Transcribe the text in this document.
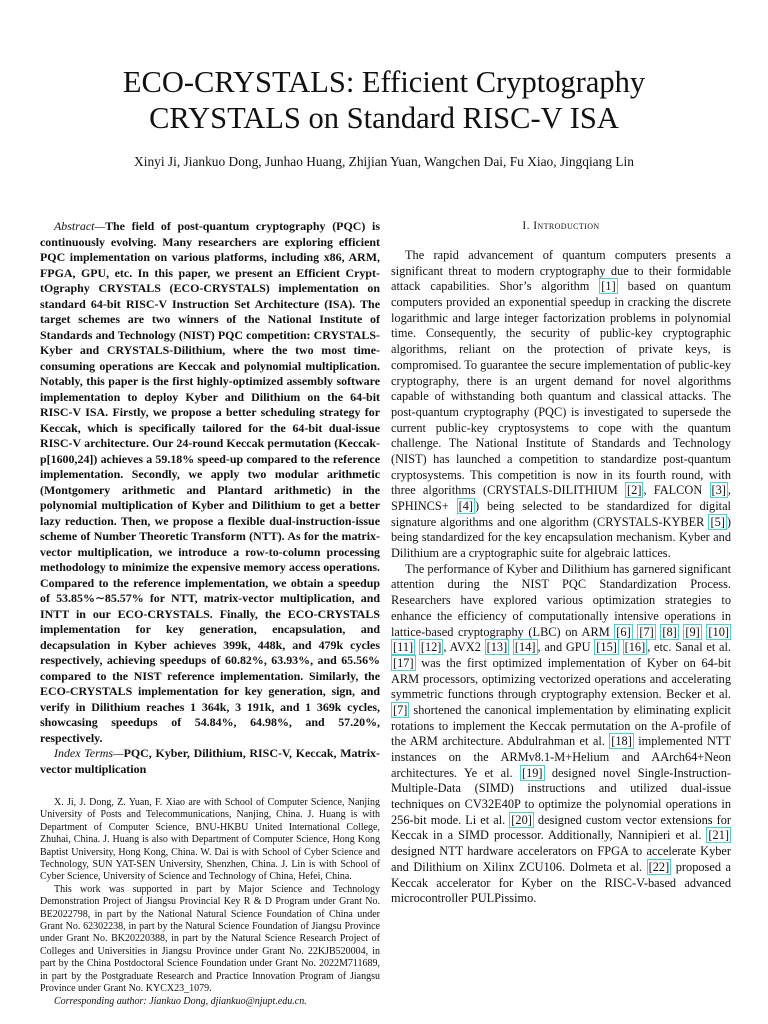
ECO-CRYSTALS: Efficient Cryptography
CRYSTALS on Standard RISC-V ISA
Xinyi Ji, Jiankuo Dong, Junhao Huang, Zhijian Yuan, Wangchen Dai, Fu Xiao, Jingqiang Lin

Abstract—The field of post-quantum cryptography (PQC) is continuously evolving. Many researchers are exploring efficient PQC implementation on various platforms, including x86, ARM, FPGA, GPU, etc. In this paper, we present an Efficient Crypt-tOgraphy CRYSTALS (ECO-CRYSTALS) implementation on standard 64-bit RISC-V Instruction Set Architecture (ISA). The target schemes are two winners of the National Institute of Standards and Technology (NIST) PQC competition: CRYSTALS-Kyber and CRYSTALS-Dilithium, where the two most time-consuming operations are Keccak and polynomial multiplication. Notably, this paper is the first highly-optimized assembly software implementation to deploy Kyber and Dilithium on the 64-bit RISC-V ISA. Firstly, we propose a better scheduling strategy for Keccak, which is specifically tailored for the 64-bit dual-issue RISC-V architecture. Our 24-round Keccak permutation (Keccak-p[1600,24]) achieves a 59.18% speed-up compared to the reference implementation. Secondly, we apply two modular arithmetic (Montgomery arithmetic and Plantard arithmetic) in the polynomial multiplication of Kyber and Dilithium to get a better lazy reduction. Then, we propose a flexible dual-instruction-issue scheme of Number Theoretic Transform (NTT). As for the matrix-vector multiplication, we introduce a row-to-column processing methodology to minimize the expensive memory access operations. Compared to the reference implementation, we obtain a speedup of 53.85%∼85.57% for NTT, matrix-vector multiplication, and INTT in our ECO-CRYSTALS. Finally, the ECO-CRYSTALS implementation for key generation, encapsulation, and decapsulation in Kyber achieves 399k, 448k, and 479k cycles respectively, achieving speedups of 60.82%, 63.93%, and 65.56% compared to the NIST reference implementation. Similarly, the ECO-CRYSTALS implementation for key generation, sign, and verify in Dilithium reaches 1 364k, 3 191k, and 1 369k cycles, showcasing speedups of 54.84%, 64.98%, and 57.20%, respectively.

Index Terms—PQC, Kyber, Dilithium, RISC-V, Keccak, Matrix-vector multiplication

X. Ji, J. Dong, Z. Yuan, F. Xiao are with School of Computer Science, Nanjing University of Posts and Telecommunications, Nanjing, China. J. Huang is with Department of Computer Science, BNU-HKBU United International College, Zhuhai, China. J. Huang is also with Department of Computer Science, Hong Kong Baptist University, Hong Kong, China. W. Dai is with School of Cyber Science and Technology, SUN YAT-SEN University, Shenzhen, China. J. Lin is with School of Cyber Science, University of Science and Technology of China, Hefei, China.

This work was supported in part by Major Science and Technology Demonstration Project of Jiangsu Provincial Key R & D Program under Grant No. BE2022798, in part by the National Natural Science Foundation of China under Grant No. 62302238, in part by the Natural Science Foundation of Jiangsu Province under Grant No. BK20220388, in part by the Natural Science Research Project of Colleges and Universities in Jiangsu Province under Grant No. 22KJB520004, in part by the China Postdoctoral Science Foundation under Grant No. 2022M711689, in part by the Postgraduate Research and Practice Innovation Program of Jiangsu Province under Grant No. KYCX23_1079.

Corresponding author: Jiankuo Dong, djiankuo@njupt.edu.cn.

I. Introduction

The rapid advancement of quantum computers presents a significant threat to modern cryptography due to their formidable attack capabilities. Shor’s algorithm [1] based on quantum computers provided an exponential speedup in cracking the discrete logarithmic and large integer factorization problems in polynomial time. Consequently, the security of public-key cryptographic algorithms, reliant on the protection of private keys, is compromised. To guarantee the secure implementation of public-key cryptography, there is an urgent demand for novel algorithms capable of withstanding both quantum and classical attacks. The post-quantum cryptography (PQC) is investigated to supersede the current public-key cryptosystems to cope with the quantum challenge. The National Institute of Standards and Technology (NIST) has launched a competition to standardize post-quantum cryptosystems. This competition is now in its fourth round, with three algorithms (CRYSTALS-DILITHIUM [2] , FALCON [3] , SPHINCS+ [4] ) being selected to be standardized for digital signature algorithms and one algorithm (CRYSTALS-KYBER [5] ) being standardized for the key encapsulation mechanism. Kyber and Dilithium are a cryptographic suite for algebraic lattices.

The performance of Kyber and Dilithium has garnered significant attention during the NIST PQC Standardization Process. Researchers have explored various optimization strategies to enhance the efficiency of computationally intensive operations in lattice-based cryptography (LBC) on ARM [6] [7] [8] [9] [10] [11] [12] , AVX2 [13] [14] , and GPU [15] [16] , etc. Sanal et al. [17] was the first optimized implementation of Kyber on 64-bit ARM processors, optimizing vectorized operations and accelerating symmetric functions through cryptography extension. Becker et al. [7] shortened the canonical implementation by eliminating explicit rotations to implement the Keccak permutation on the A-profile of the ARM architecture. Abdulrahman et al. [18] implemented NTT instances on the ARMv8.1-M+Helium and AArch64+Neon architectures. Ye et al. [19] designed novel Single-Instruction-Multiple-Data (SIMD) instructions and utilized dual-issue techniques on CV32E40P to optimize the polynomial operations in 256-bit mode. Li et al. [20] designed custom vector extensions for Keccak in a SIMD processor. Additionally, Nannipieri et al. [21] designed NTT hardware accelerators on FPGA to accelerate Kyber and Dilithium on Xilinx ZCU106. Dolmeta et al. [22] proposed a Keccak accelerator for Kyber on the RISC-V-based advanced microcontroller PULPissimo.
